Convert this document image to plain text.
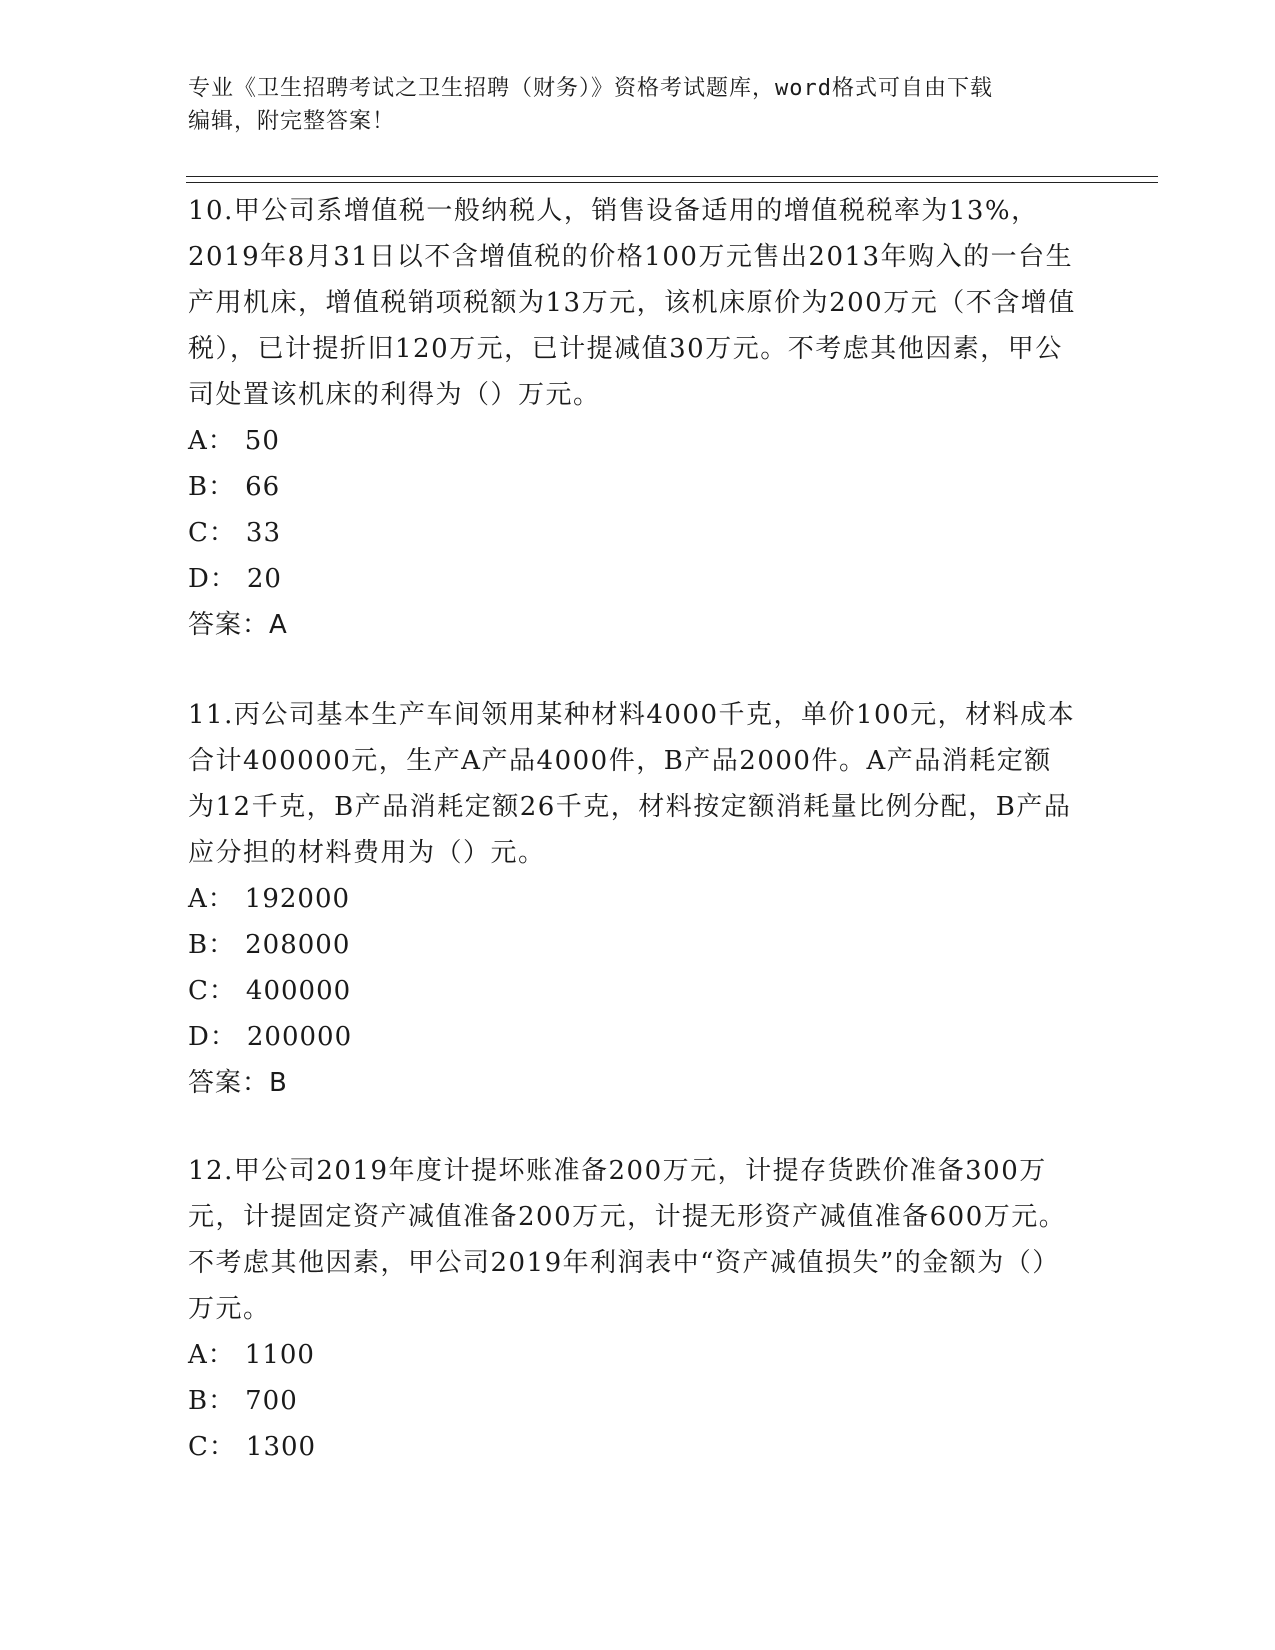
专业《卫生招聘考试之卫生招聘（财务）》资格考试题库，word格式可自由下载
编辑，附完整答案！

10.甲公司系增值税一般纳税人，销售设备适用的增值税税率为13%，2019年8月31日以不含增值税的价格100万元售出2013年购入的一台生产用机床，增值税销项税额为13万元，该机床原价为200万元（不含增值税），已计提折旧120万元，已计提减值30万元。不考虑其他因素，甲公司处置该机床的利得为（）万元。

A： 50

B： 66

C： 33

D： 20

答案：A

11.丙公司基本生产车间领用某种材料4000千克，单价100元，材料成本合计400000元，生产A产品4000件，B产品2000件。A产品消耗定额为12千克，B产品消耗定额26千克，材料按定额消耗量比例分配，B产品应分担的材料费用为（）元。

A： 192000

B： 208000

C： 400000

D： 200000

答案：B

12.甲公司2019年度计提坏账准备200万元，计提存货跌价准备300万元，计提固定资产减值准备200万元，计提无形资产减值准备600万元。不考虑其他因素，甲公司2019年利润表中“资产减值损失”的金额为（）万元。

A： 1100

B： 700

C： 1300
